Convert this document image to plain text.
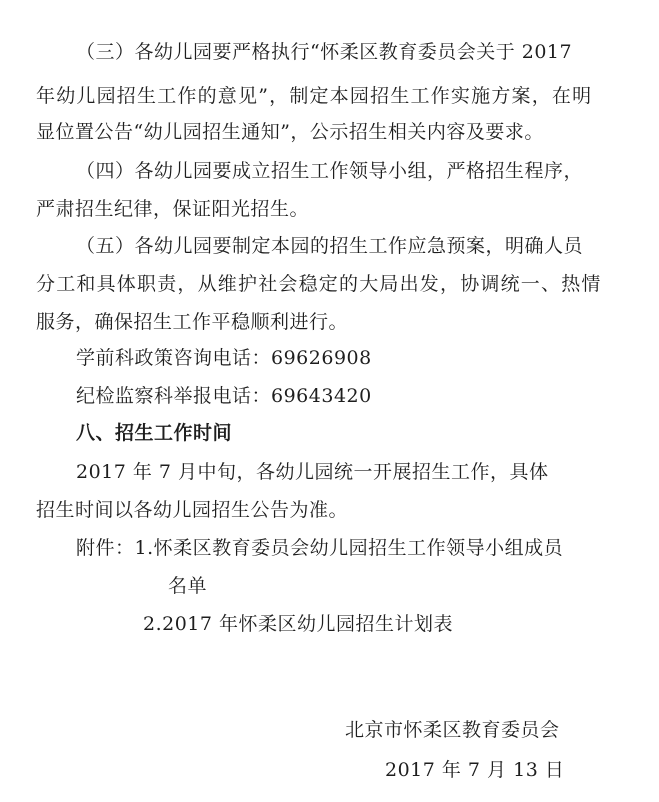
（三）各幼儿园要严格执行“怀柔区教育委员会关于 2017
年幼儿园招生工作的意见”，制定本园招生工作实施方案，在明
显位置公告“幼儿园招生通知”，公示招生相关内容及要求。
（四）各幼儿园要成立招生工作领导小组，严格招生程序，
严肃招生纪律，保证阳光招生。
（五）各幼儿园要制定本园的招生工作应急预案，明确人员
分工和具体职责，从维护社会稳定的大局出发，协调统一、热情
服务，确保招生工作平稳顺利进行。
学前科政策咨询电话：69626908
纪检监察科举报电话：69643420
八、招生工作时间
2017 年 7 月中旬，各幼儿园统一开展招生工作，具体
招生时间以各幼儿园招生公告为准。
附件：1.怀柔区教育委员会幼儿园招生工作领导小组成员
名单
2.2017 年怀柔区幼儿园招生计划表
北京市怀柔区教育委员会
2017 年 7 月 13 日
